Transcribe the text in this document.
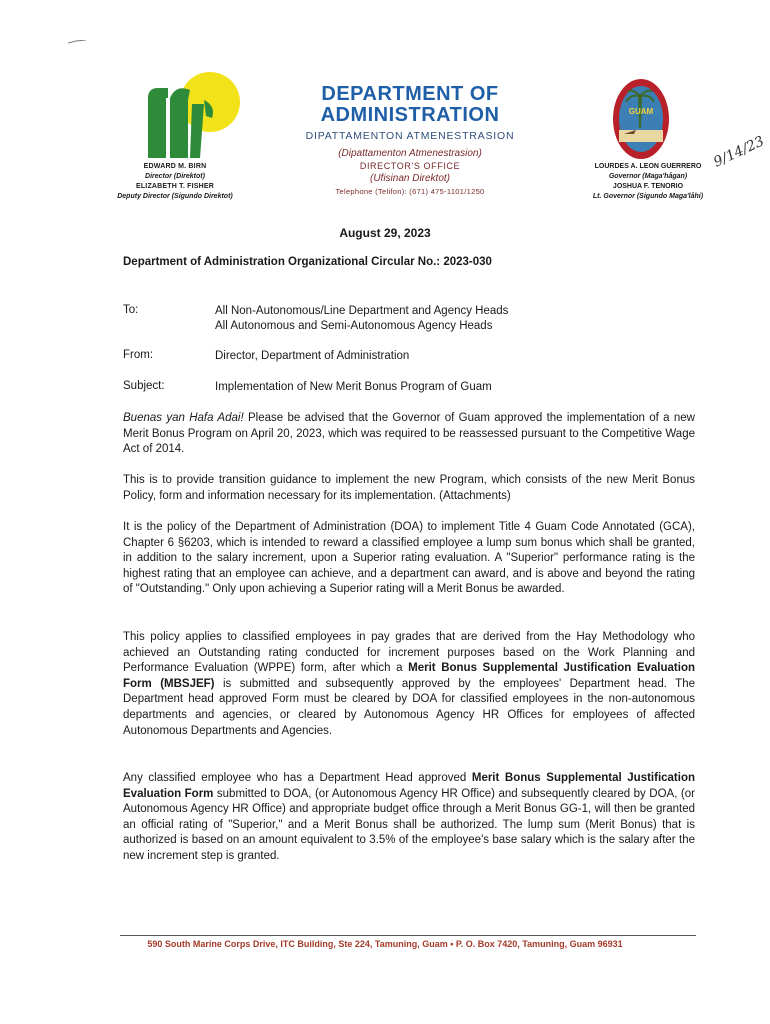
EDWARD M. BIRN
Director (Direktot)
ELIZABETH T. FISHER
Deputy Director (Sigundo Direktot)
DEPARTMENT OF
ADMINISTRATION
DIPATTAMENTON ATMENESTRASION
(Dipattamenton Atmenestrasion)
DIRECTOR'S OFFICE
(Ufisinan Direktot)
Telephone (Telifon): (671) 475-1101/1250
GUAM
9/14/23
LOURDES A. LEON GUERRERO
Governor (Maga'hågan)
JOSHUA F. TENORIO
Lt. Governor (Sigundo Maga'låhi)
August 29, 2023
Department of Administration Organizational Circular No.: 2023-030
To:	All Non-Autonomous/Line Department and Agency Heads
All Autonomous and Semi-Autonomous Agency Heads
From:	Director, Department of Administration
Subject:	Implementation of New Merit Bonus Program of Guam
Buenas yan Hafa Adai! Please be advised that the Governor of Guam approved the implementation of a new Merit Bonus Program on April 20, 2023, which was required to be reassessed pursuant to the Competitive Wage Act of 2014.
This is to provide transition guidance to implement the new Program, which consists of the new Merit Bonus Policy, form and information necessary for its implementation. (Attachments)
It is the policy of the Department of Administration (DOA) to implement Title 4 Guam Code Annotated (GCA), Chapter 6 §6203, which is intended to reward a classified employee a lump sum bonus which shall be granted, in addition to the salary increment, upon a Superior rating evaluation. A "Superior" performance rating is the highest rating that an employee can achieve, and a department can award, and is above and beyond the rating of "Outstanding." Only upon achieving a Superior rating will a Merit Bonus be awarded.
This policy applies to classified employees in pay grades that are derived from the Hay Methodology who achieved an Outstanding rating conducted for increment purposes based on the Work Planning and Performance Evaluation (WPPE) form, after which a Merit Bonus Supplemental Justification Evaluation Form (MBSJEF) is submitted and subsequently approved by the employees' Department head. The Department head approved Form must be cleared by DOA for classified employees in the non-autonomous departments and agencies, or cleared by Autonomous Agency HR Offices for employees of affected Autonomous Departments and Agencies.
Any classified employee who has a Department Head approved Merit Bonus Supplemental Justification Evaluation Form submitted to DOA, (or Autonomous Agency HR Office) and subsequently cleared by DOA, (or Autonomous Agency HR Office) and appropriate budget office through a Merit Bonus GG-1, will then be granted an official rating of "Superior," and a Merit Bonus shall be authorized. The lump sum (Merit Bonus) that is authorized is based on an amount equivalent to 3.5% of the employee's base salary which is the salary after the new increment step is granted.
590 South Marine Corps Drive, ITC Building, Ste 224, Tamuning, Guam • P. O. Box 7420, Tamuning, Guam 96931
